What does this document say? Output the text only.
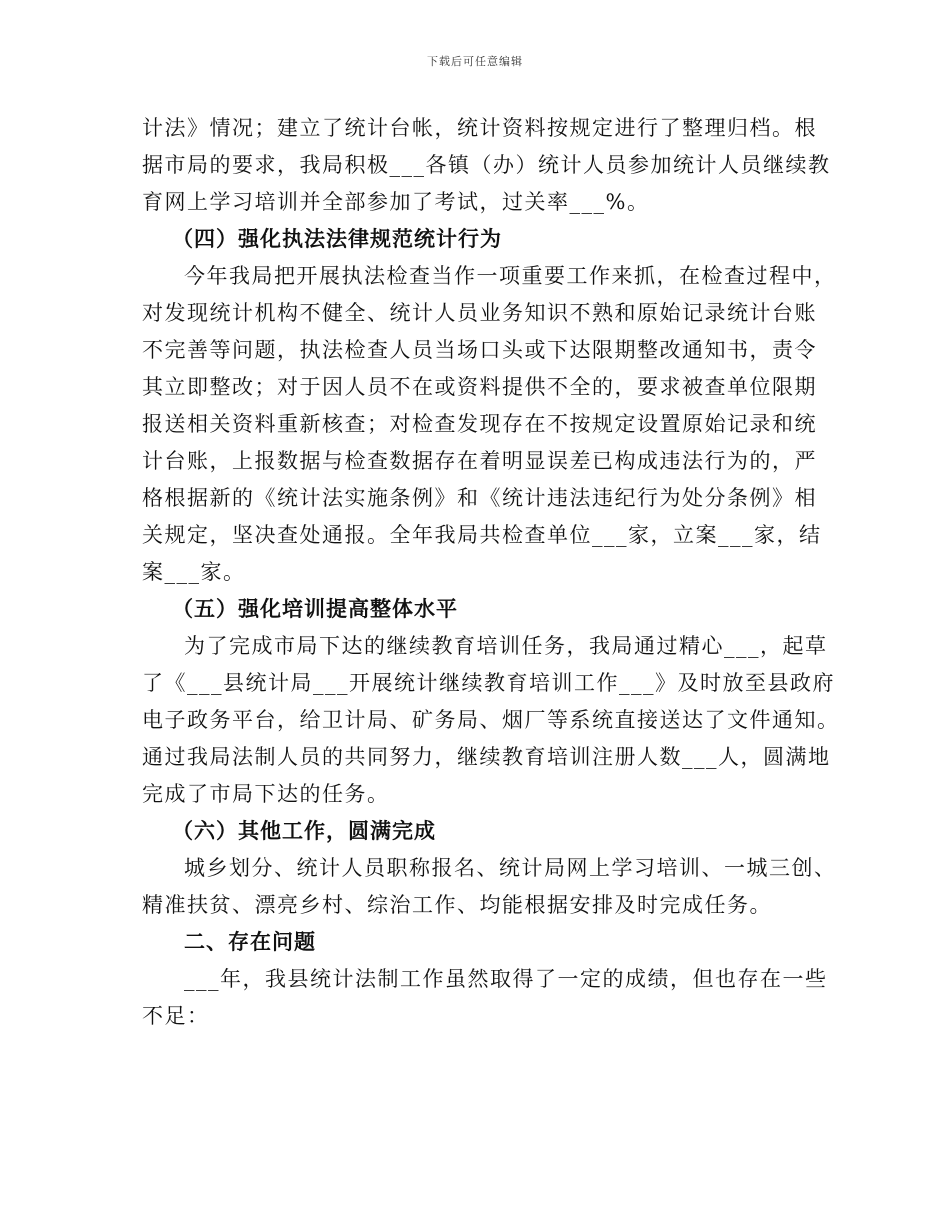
下载后可任意编辑

计法》情况；建立了统计台帐，统计资料按规定进行了整理归档。根
据市局的要求，我局积极___各镇（办）统计人员参加统计人员继续教
育网上学习培训并全部参加了考试，过关率___%。

（四）强化执法法律规范统计行为

今年我局把开展执法检查当作一项重要工作来抓，在检查过程中，
对发现统计机构不健全、统计人员业务知识不熟和原始记录统计台账
不完善等问题，执法检查人员当场口头或下达限期整改通知书，责令
其立即整改；对于因人员不在或资料提供不全的，要求被查单位限期
报送相关资料重新核查；对检查发现存在不按规定设置原始记录和统
计台账，上报数据与检查数据存在着明显误差已构成违法行为的，严
格根据新的《统计法实施条例》和《统计违法违纪行为处分条例》相
关规定，坚决查处通报。全年我局共检查单位___家，立案___家，结
案___家。

（五）强化培训提高整体水平

为了完成市局下达的继续教育培训任务，我局通过精心___，起草
了《___县统计局___开展统计继续教育培训工作___》及时放至县政府
电子政务平台，给卫计局、矿务局、烟厂等系统直接送达了文件通知。
通过我局法制人员的共同努力，继续教育培训注册人数___人，圆满地
完成了市局下达的任务。

（六）其他工作，圆满完成

城乡划分、统计人员职称报名、统计局网上学习培训、一城三创、
精准扶贫、漂亮乡村、综治工作、均能根据安排及时完成任务。

二、存在问题

___年，我县统计法制工作虽然取得了一定的成绩，但也存在一些
不足：
